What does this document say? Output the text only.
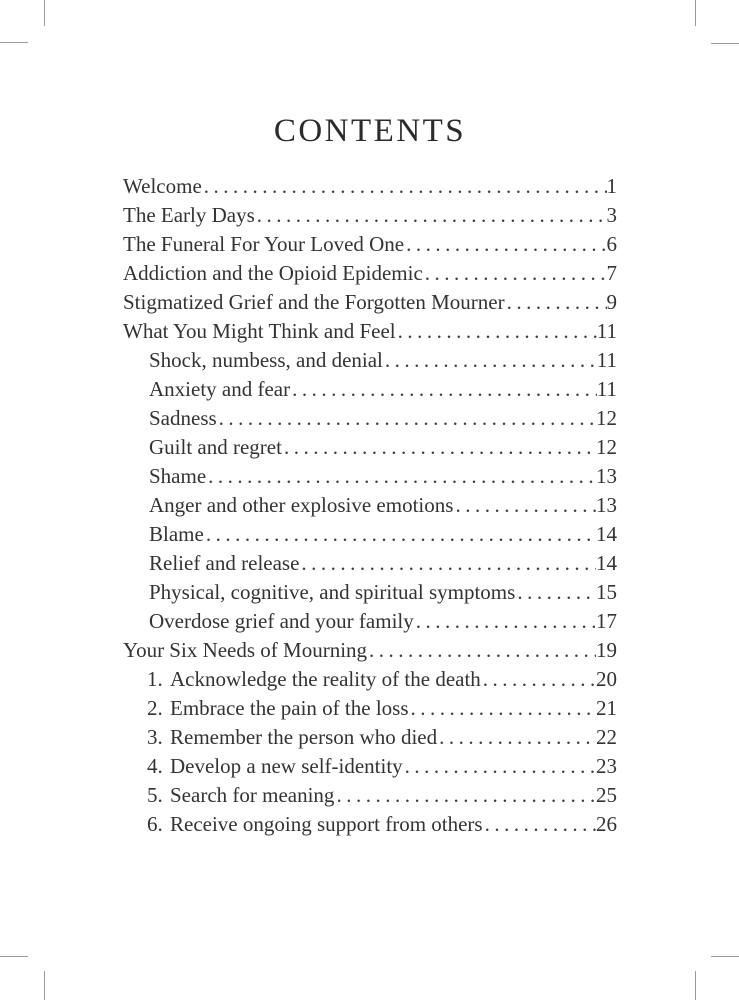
CONTENTS
Welcome .....	1
The Early Days .....	3
The Funeral For Your Loved One .....	6
Addiction and the Opioid Epidemic .....	7
Stigmatized Grief and the Forgotten Mourner .....	9
What You Might Think and Feel .....	11
Shock, numbess, and denial .....	11
Anxiety and fear .....	11
Sadness .....	12
Guilt and regret .....	12
Shame .....	13
Anger and other explosive emotions .....	13
Blame .....	14
Relief and release .....	14
Physical, cognitive, and spiritual symptoms .....	15
Overdose grief and your family .....	17
Your Six Needs of Mourning .....	19
1. Acknowledge the reality of the death .....	20
2. Embrace the pain of the loss .....	21
3. Remember the person who died .....	22
4. Develop a new self-identity .....	23
5. Search for meaning .....	25
6. Receive ongoing support from others .....	26
